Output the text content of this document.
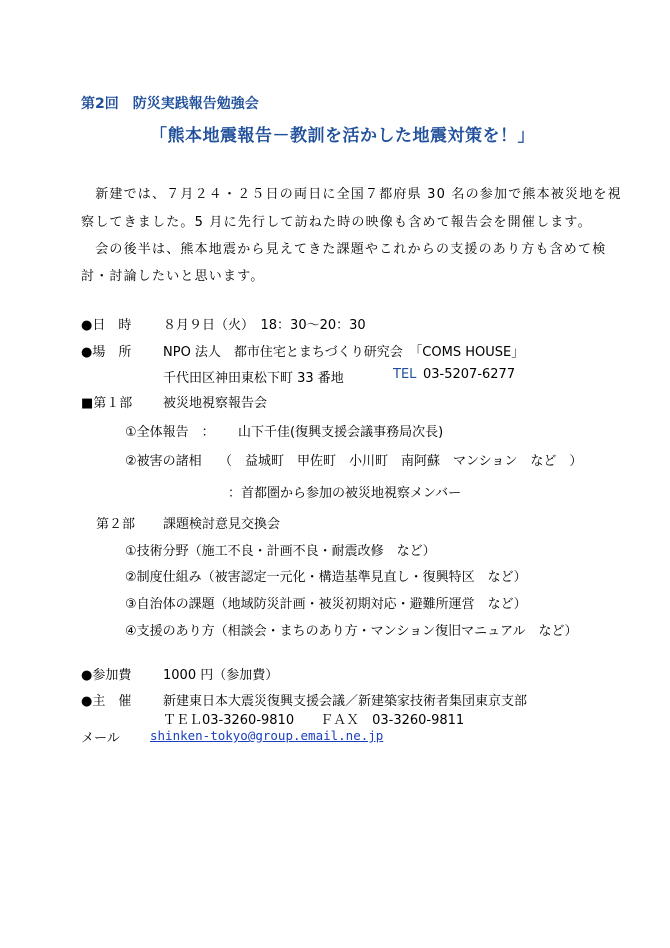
第2回　防災実践報告勉強会
「熊本地震報告－教訓を活かした地震対策を！」
　新建では、７月２４・２５日の両日に全国７都府県 30 名の参加で熊本被災地を視
察してきました。5 月に先行して訪ねた時の映像も含めて報告会を開催します。
　会の後半は、熊本地震から見えてきた課題やこれからの支援のあり方も含めて検
討・討論したいと思います。
●日　時 ８月９日（火）　18：30～20：30
●場　所 NPO 法人　都市住宅とまちづくり研究会　「COMS HOUSE」
千代田区神田東松下町 33 番地	TEL 03-5207-6277
■第１部 被災地視察報告会
①全体報告　： 山下千佳(復興支援会議事務局次長)
②被害の諸相 （　益城町　甲佐町　小川町　南阿蘇　マンション　など　）
：首都圏から参加の被災地視察メンバー
第２部 課題検討意見交換会
①技術分野（施工不良・計画不良・耐震改修　など）
②制度仕組み（被害認定一元化・構造基準見直し・復興特区　など）
③自治体の課題（地域防災計画・被災初期対応・避難所運営　など）
④支援のあり方（相談会・まちのあり方・マンション復旧マニュアル　など）
●参加費 1000 円（参加費）
●主　催 新建東日本大震災復興支援会議／新建築家技術者集団東京支部
ＴＥＬ03-3260-9810　　ＦＡＸ　03-3260-9811
メール shinken-tokyo@group.email.ne.jp
